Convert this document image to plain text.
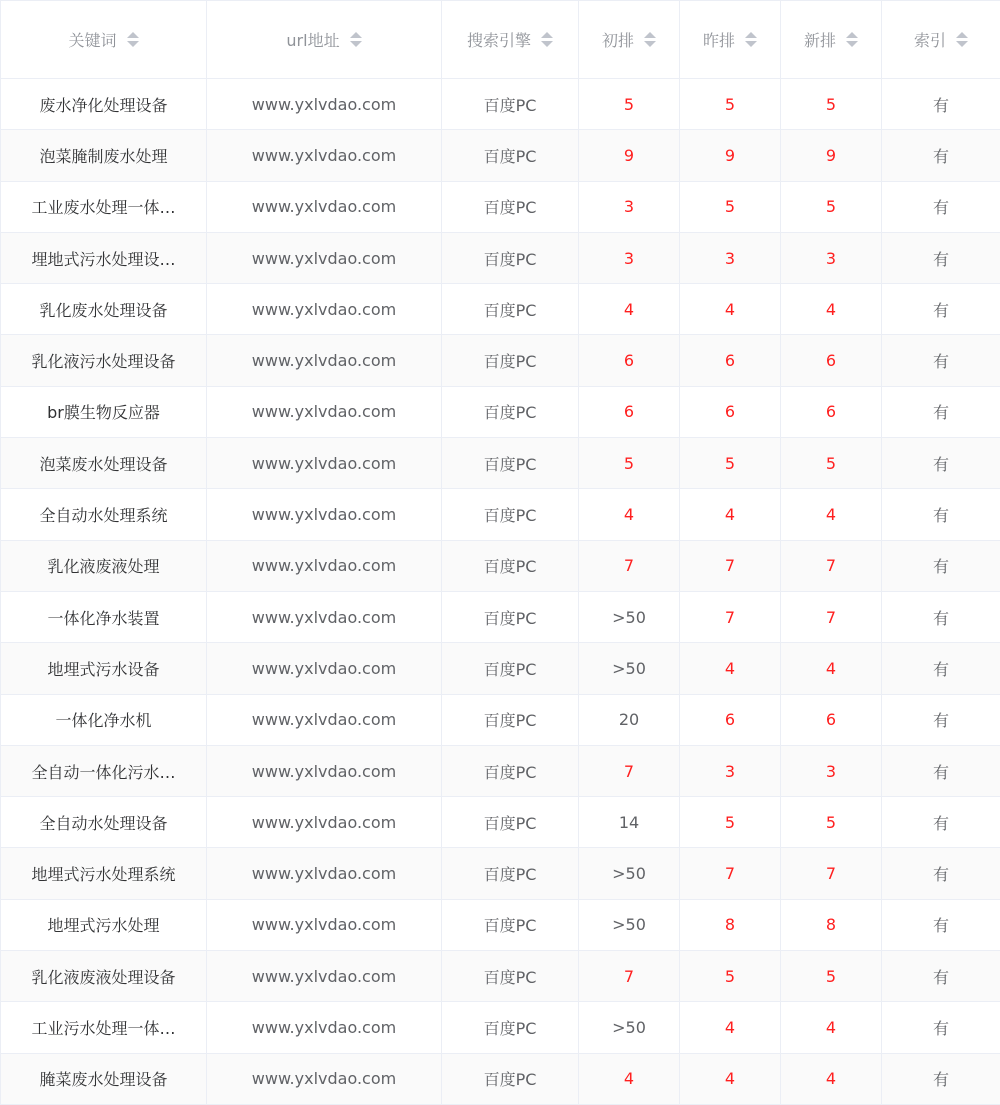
关键词	url地址	搜索引擎	初排	昨排	新排	索引

废水净化处理设备	www.yxlvdao.com	百度PC	5	5	5	有
泡菜腌制废水处理	www.yxlvdao.com	百度PC	9	9	9	有
工业废水处理一体…	www.yxlvdao.com	百度PC	3	5	5	有
埋地式污水处理设…	www.yxlvdao.com	百度PC	3	3	3	有
乳化废水处理设备	www.yxlvdao.com	百度PC	4	4	4	有
乳化液污水处理设备	www.yxlvdao.com	百度PC	6	6	6	有
br膜生物反应器	www.yxlvdao.com	百度PC	6	6	6	有
泡菜废水处理设备	www.yxlvdao.com	百度PC	5	5	5	有
全自动水处理系统	www.yxlvdao.com	百度PC	4	4	4	有
乳化液废液处理	www.yxlvdao.com	百度PC	7	7	7	有
一体化净水装置	www.yxlvdao.com	百度PC	>50	7	7	有
地埋式污水设备	www.yxlvdao.com	百度PC	>50	4	4	有
一体化净水机	www.yxlvdao.com	百度PC	20	6	6	有
全自动一体化污水…	www.yxlvdao.com	百度PC	7	3	3	有
全自动水处理设备	www.yxlvdao.com	百度PC	14	5	5	有
地埋式污水处理系统	www.yxlvdao.com	百度PC	>50	7	7	有
地埋式污水处理	www.yxlvdao.com	百度PC	>50	8	8	有
乳化液废液处理设备	www.yxlvdao.com	百度PC	7	5	5	有
工业污水处理一体…	www.yxlvdao.com	百度PC	>50	4	4	有
腌菜废水处理设备	www.yxlvdao.com	百度PC	4	4	4	有
